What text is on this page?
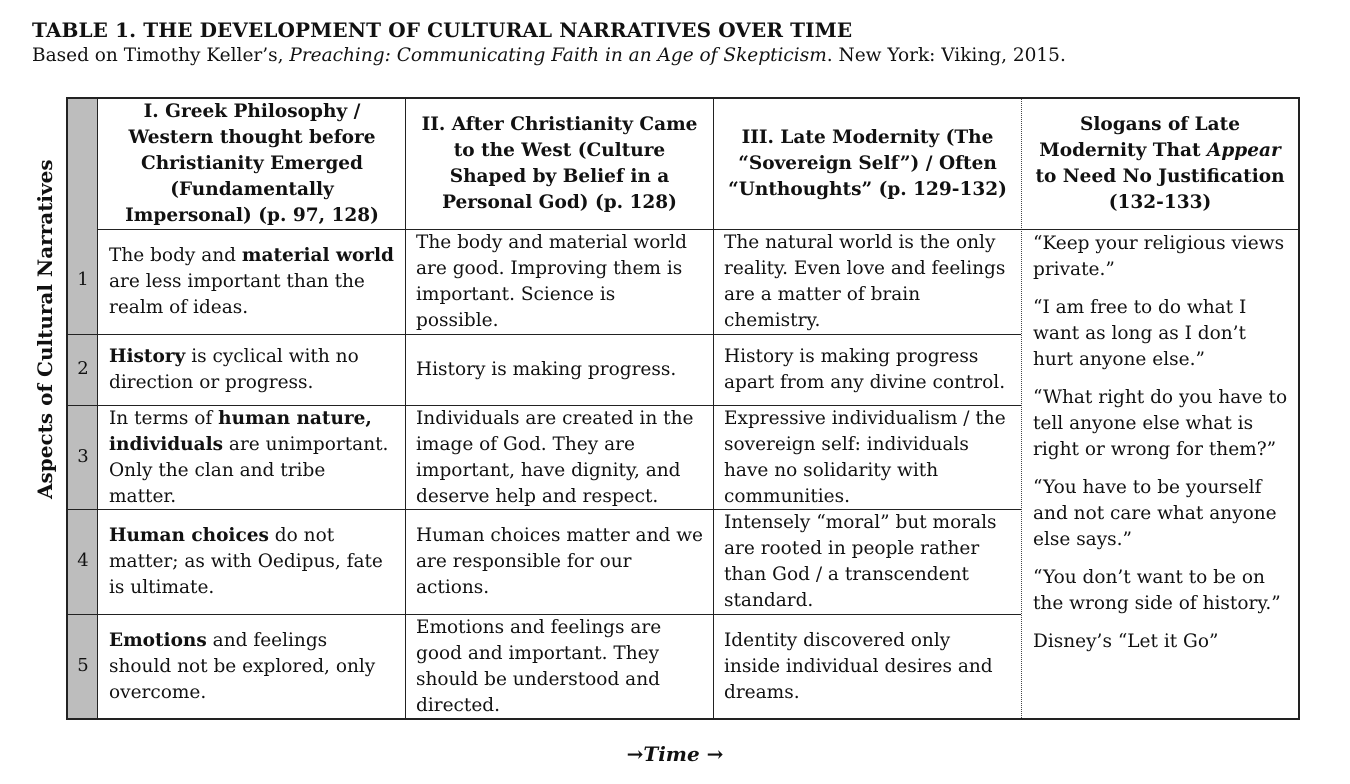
TABLE 1. THE DEVELOPMENT OF CULTURAL NARRATIVES OVER TIME
Based on Timothy Keller’s, Preaching: Communicating Faith in an Age of Skepticism. New York: Viking, 2015.
Aspects of Cultural Narratives
I. Greek Philosophy / Western thought before Christianity Emerged (Fundamentally Impersonal) (p. 97, 128)
II. After Christianity Came to the West (Culture Shaped by Belief in a Personal God) (p. 128)
III. Late Modernity (The “Sovereign Self”) / Often “Unthoughts” (p. 129-132)
Slogans of Late Modernity That Appear to Need No Justification (132-133)
1
The body and material world are less important than the realm of ideas.
The body and material world are good. Improving them is important. Science is possible.
The natural world is the only reality. Even love and feelings are a matter of brain chemistry.
2
History is cyclical with no direction or progress.
History is making progress.
History is making progress apart from any divine control.
3
In terms of human nature, individuals are unimportant. Only the clan and tribe matter.
Individuals are created in the image of God. They are important, have dignity, and deserve help and respect.
Expressive individualism / the sovereign self: individuals have no solidarity with communities.
4
Human choices do not matter; as with Oedipus, fate is ultimate.
Human choices matter and we are responsible for our actions.
Intensely “moral” but morals are rooted in people rather than God / a transcendent standard.
5
Emotions and feelings should not be explored, only overcome.
Emotions and feelings are good and important. They should be understood and directed.
Identity discovered only inside individual desires and dreams.

“Keep your religious views private.”

“I am free to do what I want as long as I don’t hurt anyone else.”

“What right do you have to tell anyone else what is right or wrong for them?”

“You have to be yourself and not care what anyone else says.”

“You don’t want to be on the wrong side of history.”

Disney’s “Let it Go”

→Time →
